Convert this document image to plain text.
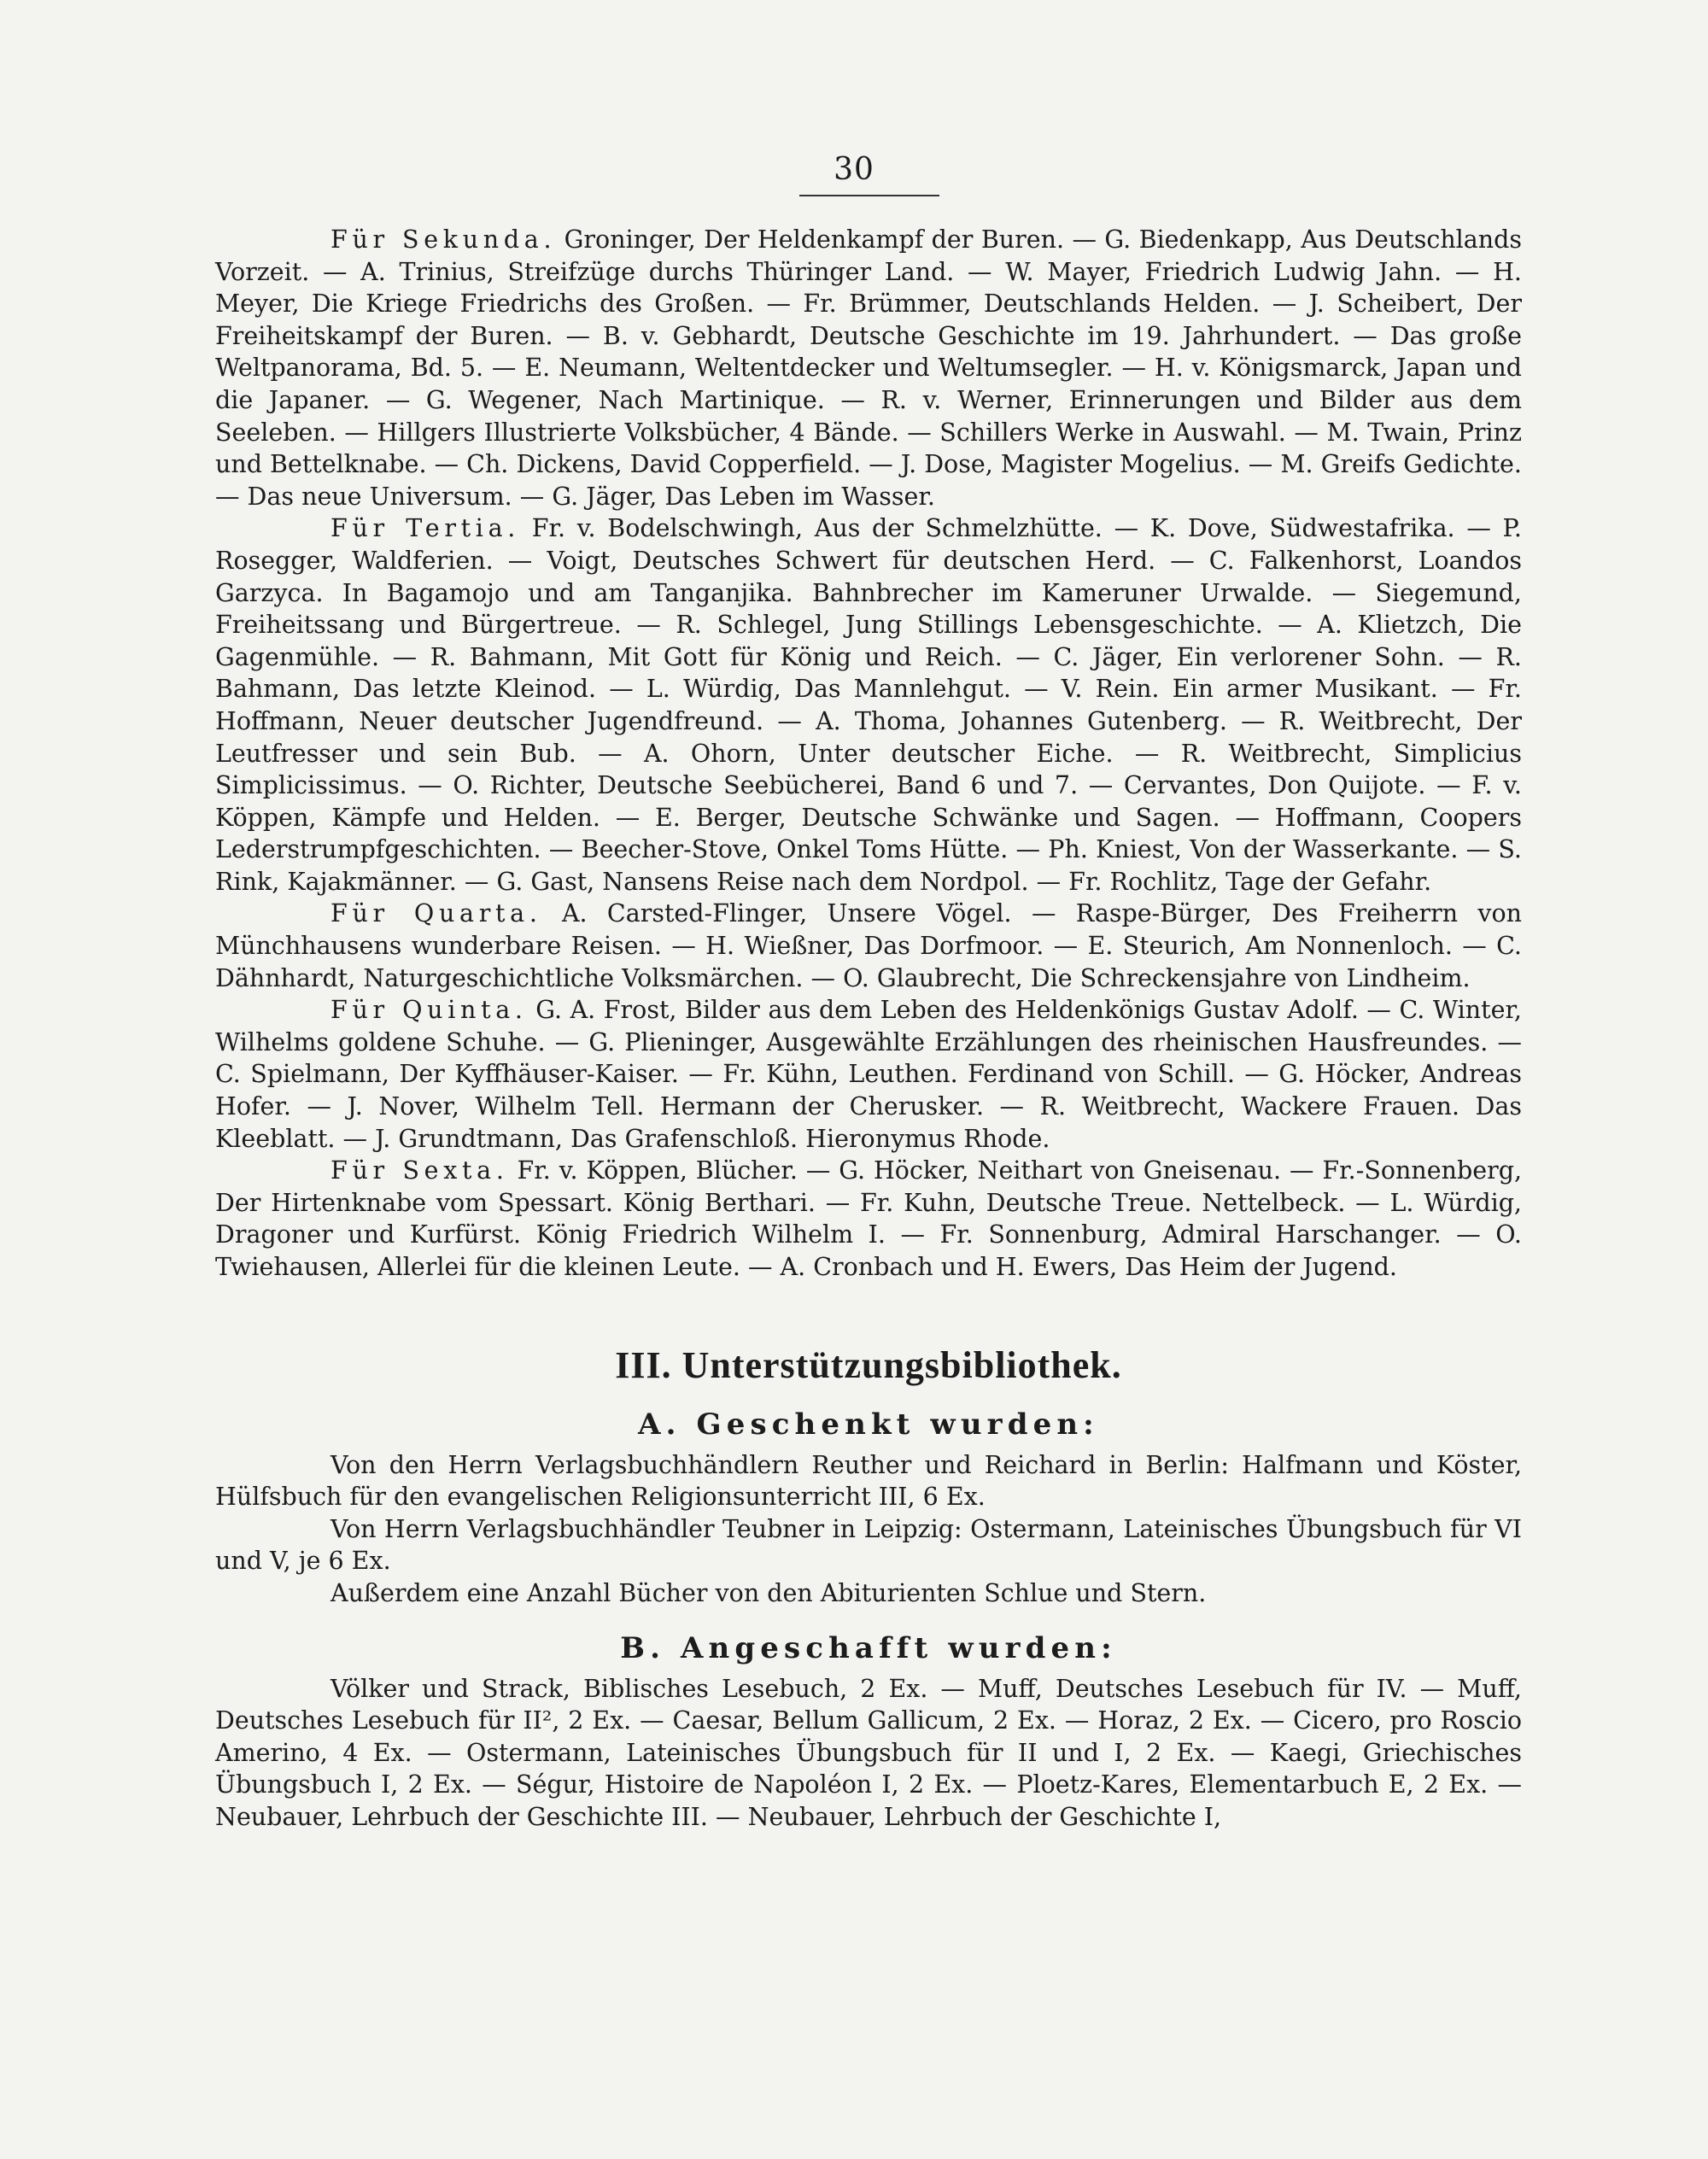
30

Für Sekunda. Groninger, Der Heldenkampf der Buren. — G. Biedenkapp, Aus Deutschlands Vorzeit. — A. Trinius, Streifzüge durchs Thüringer Land. — W. Mayer, Friedrich Ludwig Jahn. — H. Meyer, Die Kriege Friedrichs des Großen. — Fr. Brümmer, Deutschlands Helden. — J. Scheibert, Der Freiheitskampf der Buren. — B. v. Gebhardt, Deutsche Geschichte im 19. Jahrhundert. — Das große Weltpanorama, Bd. 5. — E. Neumann, Weltentdecker und Weltumsegler. — H. v. Königsmarck, Japan und die Japaner. — G. Wegener, Nach Martinique. — R. v. Werner, Erinnerungen und Bilder aus dem Seeleben. — Hillgers Illustrierte Volksbücher, 4 Bände. — Schillers Werke in Auswahl. — M. Twain, Prinz und Bettelknabe. — Ch. Dickens, David Copperfield. — J. Dose, Magister Mogelius. — M. Greifs Gedichte. — Das neue Universum. — G. Jäger, Das Leben im Wasser.

Für Tertia. Fr. v. Bodelschwingh, Aus der Schmelzhütte. — K. Dove, Südwestafrika. — P. Rosegger, Waldferien. — Voigt, Deutsches Schwert für deutschen Herd. — C. Falkenhorst, Loandos Garzyca. In Bagamojo und am Tanganjika. Bahnbrecher im Kameruner Urwalde. — Siegemund, Freiheitssang und Bürgertreue. — R. Schlegel, Jung Stillings Lebensgeschichte. — A. Klietzch, Die Gagenmühle. — R. Bahmann, Mit Gott für König und Reich. — C. Jäger, Ein verlorener Sohn. — R. Bahmann, Das letzte Kleinod. — L. Würdig, Das Mannlehgut. — V. Rein. Ein armer Musikant. — Fr. Hoffmann, Neuer deutscher Jugendfreund. — A. Thoma, Johannes Gutenberg. — R. Weitbrecht, Der Leutfresser und sein Bub. — A. Ohorn, Unter deutscher Eiche. — R. Weitbrecht, Simplicius Simplicissimus. — O. Richter, Deutsche Seebücherei, Band 6 und 7. — Cervantes, Don Quijote. — F. v. Köppen, Kämpfe und Helden. — E. Berger, Deutsche Schwänke und Sagen. — Hoffmann, Coopers Lederstrumpfgeschichten. — Beecher-Stove, Onkel Toms Hütte. — Ph. Kniest, Von der Wasserkante. — S. Rink, Kajakmänner. — G. Gast, Nansens Reise nach dem Nordpol. — Fr. Rochlitz, Tage der Gefahr.

Für Quarta. A. Carsted-Flinger, Unsere Vögel. — Raspe-Bürger, Des Freiherrn von Münchhausens wunderbare Reisen. — H. Wießner, Das Dorfmoor. — E. Steurich, Am Nonnenloch. — C. Dähnhardt, Naturgeschichtliche Volksmärchen. — O. Glaubrecht, Die Schreckensjahre von Lindheim.

Für Quinta. G. A. Frost, Bilder aus dem Leben des Heldenkönigs Gustav Adolf. — C. Winter, Wilhelms goldene Schuhe. — G. Plieninger, Ausgewählte Erzählungen des rheinischen Hausfreundes. — C. Spielmann, Der Kyffhäuser-Kaiser. — Fr. Kühn, Leuthen. Ferdinand von Schill. — G. Höcker, Andreas Hofer. — J. Nover, Wilhelm Tell. Hermann der Cherusker. — R. Weitbrecht, Wackere Frauen. Das Kleeblatt. — J. Grundtmann, Das Grafenschloß. Hieronymus Rhode.

Für Sexta. Fr. v. Köppen, Blücher. — G. Höcker, Neithart von Gneisenau. — Fr.-Sonnenberg, Der Hirtenknabe vom Spessart. König Berthari. — Fr. Kuhn, Deutsche Treue. Nettelbeck. — L. Würdig, Dragoner und Kurfürst. König Friedrich Wilhelm I. — Fr. Sonnenburg, Admiral Harschanger. — O. Twiehausen, Allerlei für die kleinen Leute. — A. Cronbach und H. Ewers, Das Heim der Jugend.

III. Unterstützungsbibliothek.
A. Geschenkt wurden:

Von den Herrn Verlagsbuchhändlern Reuther und Reichard in Berlin: Halfmann und Köster, Hülfsbuch für den evangelischen Religionsunterricht III, 6 Ex.

Von Herrn Verlagsbuchhändler Teubner in Leipzig: Ostermann, Lateinisches Übungsbuch für VI und V, je 6 Ex.

Außerdem eine Anzahl Bücher von den Abiturienten Schlue und Stern.

B. Angeschafft wurden:

Völker und Strack, Biblisches Lesebuch, 2 Ex. — Muff, Deutsches Lesebuch für IV. — Muff, Deutsches Lesebuch für II², 2 Ex. — Caesar, Bellum Gallicum, 2 Ex. — Horaz, 2 Ex. — Cicero, pro Roscio Amerino, 4 Ex. — Ostermann, Lateinisches Übungsbuch für II und I, 2 Ex. — Kaegi, Griechisches Übungsbuch I, 2 Ex. — Ségur, Histoire de Napoléon I, 2 Ex. — Ploetz-Kares, Elementarbuch E, 2 Ex. — Neubauer, Lehrbuch der Geschichte III. — Neubauer, Lehrbuch der Geschichte I,
